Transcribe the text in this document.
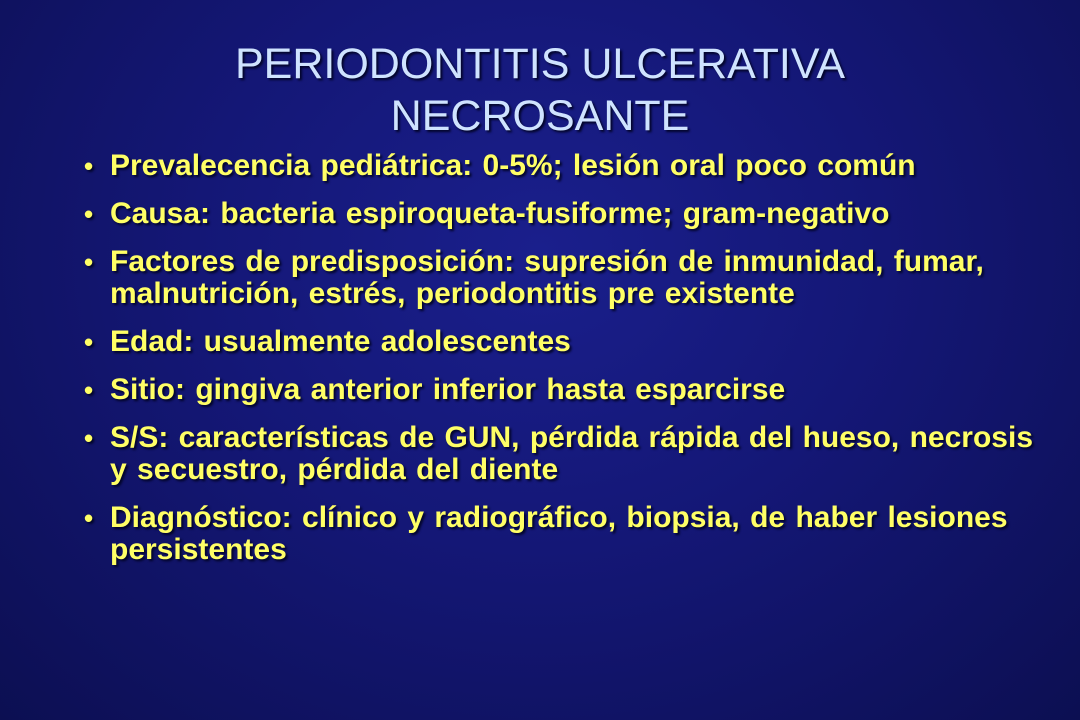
PERIODONTITIS ULCERATIVA
NECROSANTE
• Prevalecencia pediátrica: 0-5%; lesión oral poco común
• Causa: bacteria espiroqueta-fusiforme; gram-negativo
• Factores de predisposición: supresión de inmunidad, fumar, malnutrición, estrés, periodontitis pre existente
• Edad: usualmente adolescentes
• Sitio: gingiva anterior inferior hasta esparcirse
• S/S: características de GUN, pérdida rápida del hueso, necrosis y secuestro, pérdida del diente
• Diagnóstico: clínico y radiográfico, biopsia, de haber lesiones persistentes
